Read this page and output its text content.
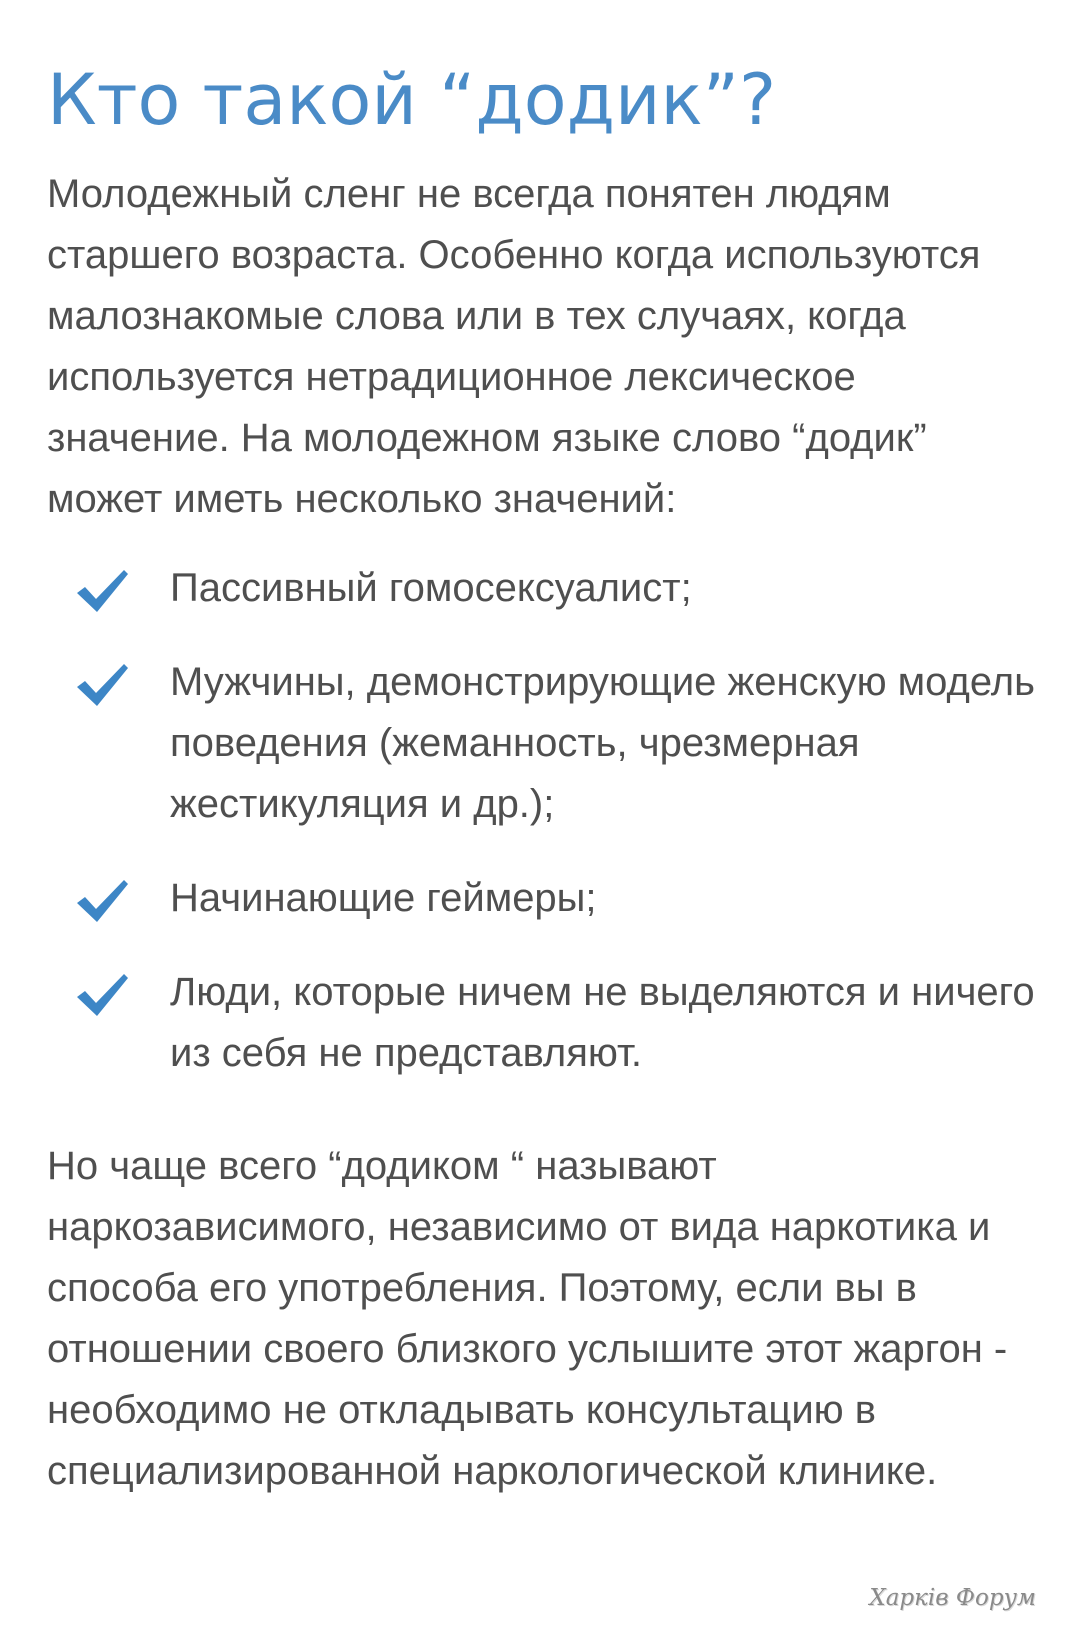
Кто такой “додик”?

Молодежный сленг не всегда понятен людям старшего возраста. Особенно когда используются малознакомые слова или в тех случаях, когда используется нетрадиционное лексическое значение. На молодежном языке слово “додик” может иметь несколько значений:

Пассивный гомосексуалист;
Мужчины, демонстрирующие женскую модель поведения (жеманность, чрезмерная жестикуляция и др.);
Начинающие геймеры;
Люди, которые ничем не выделяются и ничего из себя не представляют.

Но чаще всего “додиком “ называют наркозависимого, независимо от вида наркотика и способа его употребления. Поэтому, если вы в отношении своего близкого услышите этот жаргон - необходимо не откладывать консультацию в специализированной наркологической клинике.

Харків Форум
